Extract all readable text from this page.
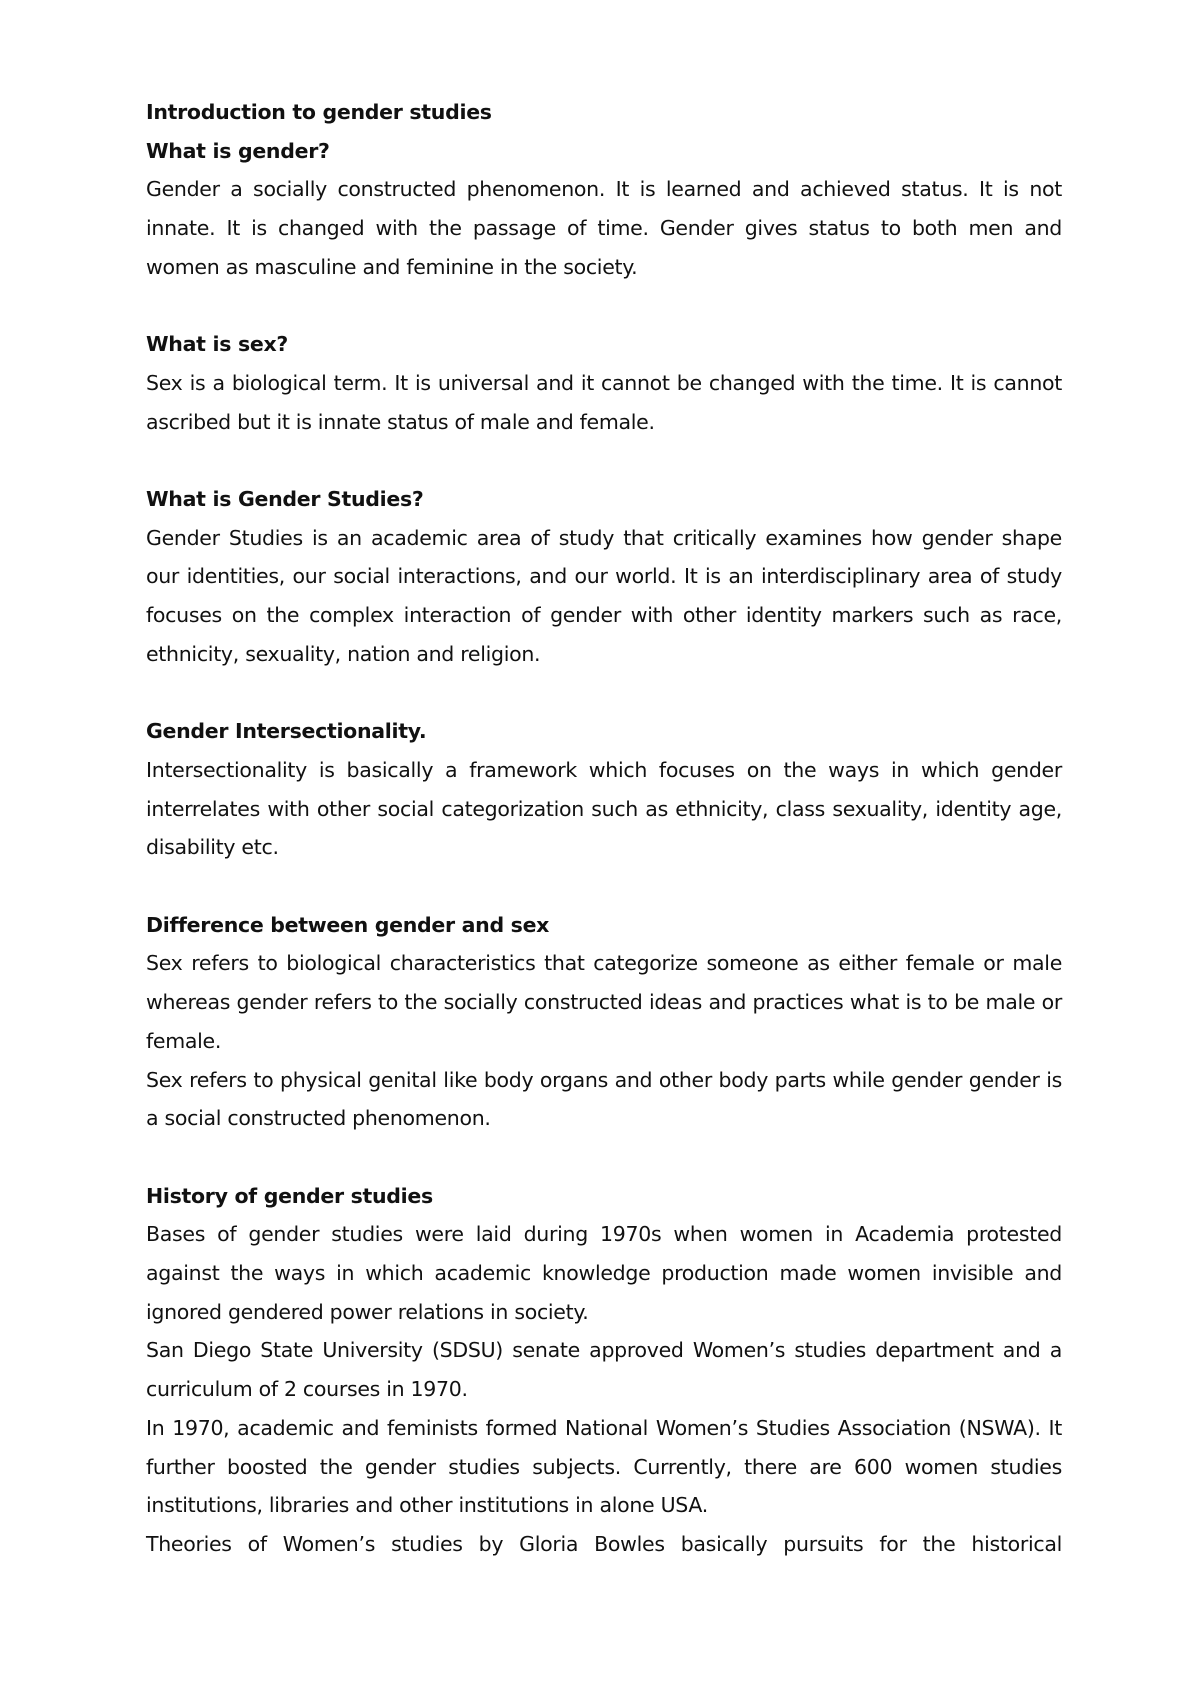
Introduction to gender studies

What is gender?

Gender a socially constructed phenomenon. It is learned and achieved status. It is not innate. It is changed with the passage of time. Gender gives status to both men and women as masculine and feminine in the society.

What is sex?

Sex is a biological term. It is universal and it cannot be changed with the time. It is cannot ascribed but it is innate status of male and female.

What is Gender Studies?

Gender Studies is an academic area of study that critically examines how gender shape our identities, our social interactions, and our world. It is an interdisciplinary area of study focuses on the complex interaction of gender with other identity markers such as race, ethnicity, sexuality, nation and religion.

Gender Intersectionality.

Intersectionality is basically a framework which focuses on the ways in which gender interrelates with other social categorization such as ethnicity, class sexuality, identity age, disability etc.

Difference between gender and sex

Sex refers to biological characteristics that categorize someone as either female or male whereas gender refers to the socially constructed ideas and practices what is to be male or female.

Sex refers to physical genital like body organs and other body parts while gender gender is a social constructed phenomenon.

History of gender studies

Bases of gender studies were laid during 1970s when women in Academia protested against the ways in which academic knowledge production made women invisible and ignored gendered power relations in society.

San Diego State University (SDSU) senate approved Women’s studies department and a curriculum of 2 courses in 1970.

In 1970, academic and feminists formed National Women’s Studies Association (NSWA). It further boosted the gender studies subjects. Currently, there are 600 women studies institutions, libraries and other institutions in alone USA.

Theories of Women’s studies by Gloria Bowles basically pursuits for the historical
